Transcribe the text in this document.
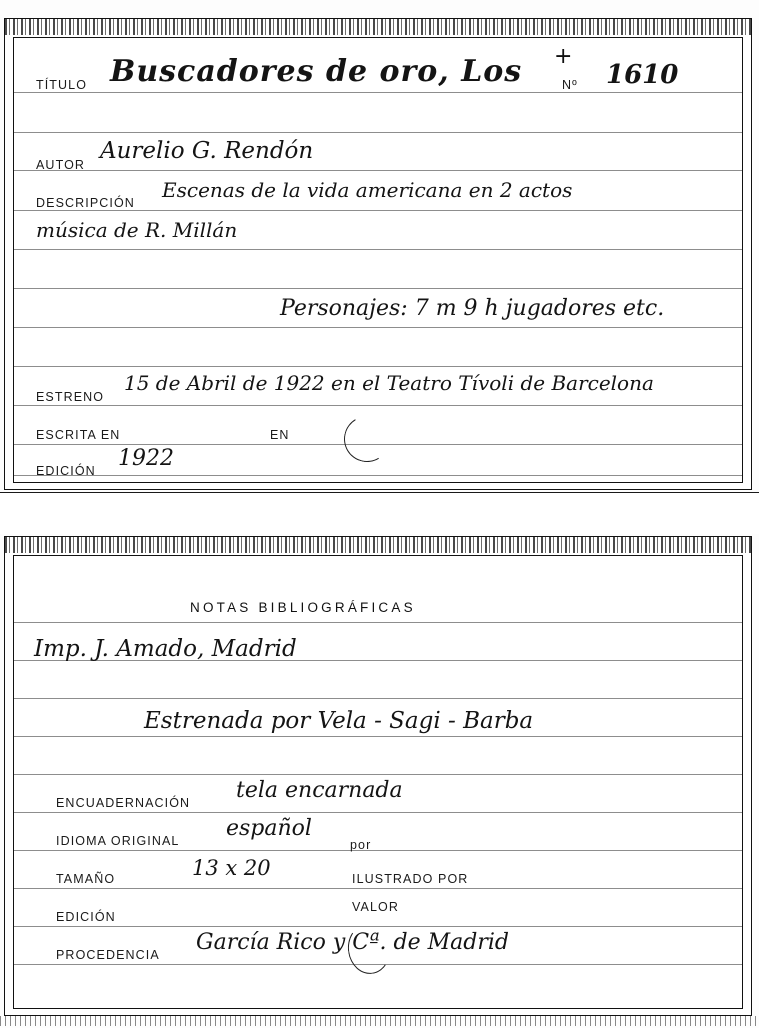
TÍTULO Buscadores de oro, Los +
Nº 1610
AUTOR
Aurelio G. Rendón
DESCRIPCIÓN
Escenas de la vida americana en 2 actos
música de R. Millán
Personajes: 7 m 9 h jugadores etc.
ESTRENO
15 de Abril de 1922 en el Teatro Tívoli de Barcelona
ESCRITA EN	EN
EDICIÓN 1922
NOTAS BIBLIOGRÁFICAS
Imp. J. Amado, Madrid
Estrenada por Vela - Sagi - Barba
ENCUADERNACIÓN tela encarnada
IDIOMA ORIGINAL español
por
TAMAÑO	13 x 20	ILUSTRADO POR
EDICIÓN
VALOR
PROCEDENCIA García Rico y Cª. de Madrid
